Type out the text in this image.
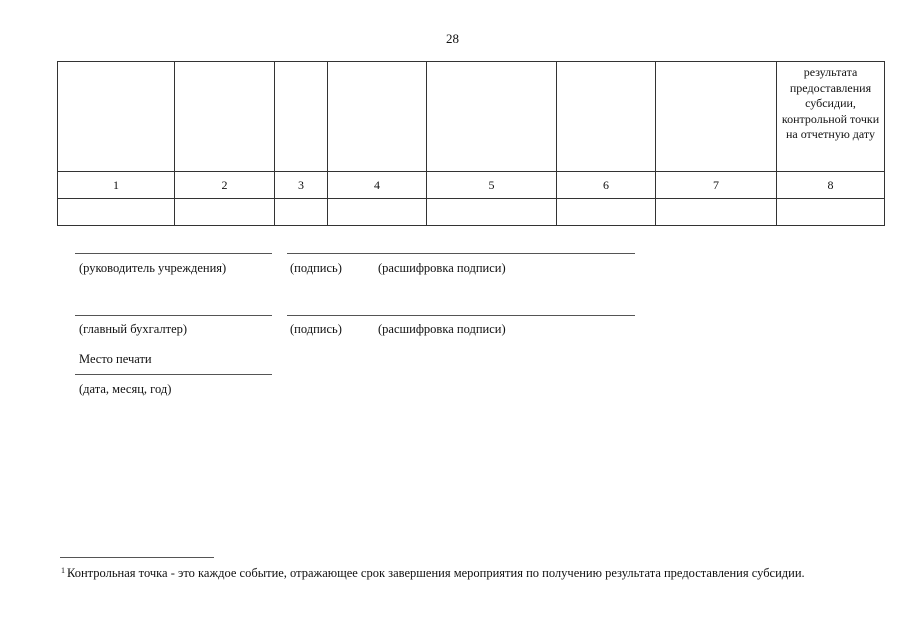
28
							результата предоставления субсидии, контрольной точки на отчетную дату
1	2	3	4	5	6	7	8

(руководитель учреждения)	(подпись)	(расшифровка подписи)
(главный бухгалтер)	(подпись)	(расшифровка подписи)
Место печати
(дата, месяц, год)
$^1$ Контрольная точка - это каждое событие, отражающее срок завершения мероприятия по получению результата предоставления субсидии.
